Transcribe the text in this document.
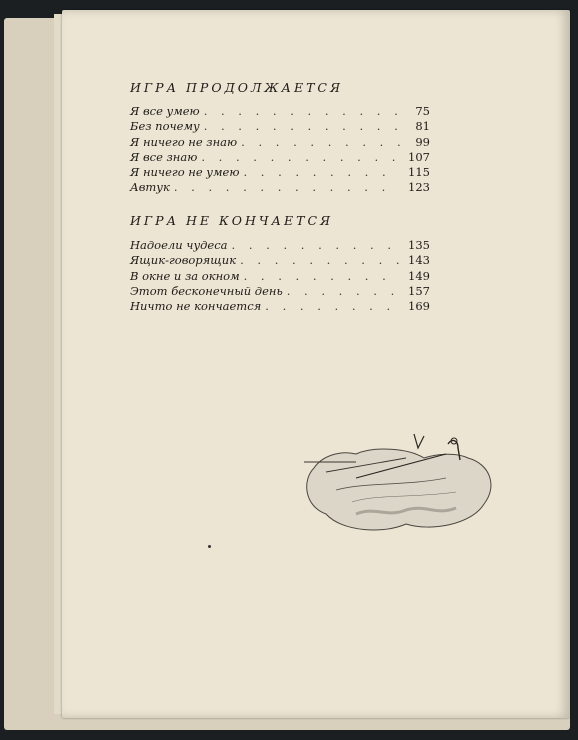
ИГРА ПРОДОЛЖАЕТСЯ
Я все умею . . .	75
Без почему . . .	81
Я ничего не знаю . . .	99
Я все знаю . . .	107
Я ничего не умею . . .	115
Автук . . .	123
ИГРА НЕ КОНЧАЕТСЯ
Надоели чудеса . . .	135
Ящик-говорящик . . .	143
В окне и за окном . . .	149
Этот бесконечный день . . .	157
Ничто не кончается . . .	169
